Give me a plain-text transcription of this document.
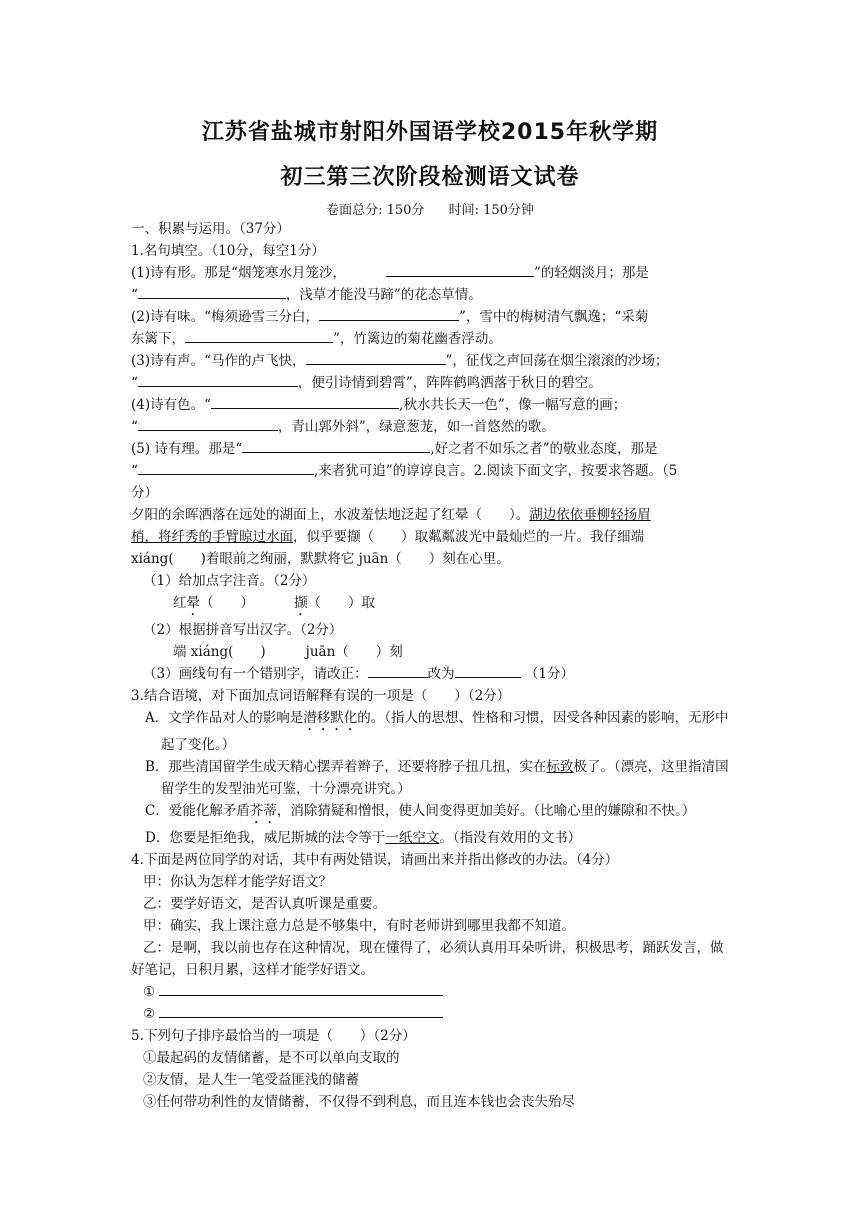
江苏省盐城市射阳外国语学校2015年秋学期
初三第三次阶段检测语文试卷
卷面总分: 150分 时间: 150分钟

一、积累与运用。（37分）

1.名句填空。（10分，每空1分）

(1)诗有形。那是“烟笼寒水月笼沙，	”的轻烟淡月；那是

“	，浅草才能没马蹄”的花态草情。

(2)诗有味。“梅须逊雪三分白，	”，雪中的梅树清气飘逸；“采菊

东篱下，	”，竹篱边的菊花幽香浮动。

(3)诗有声。“马作的卢飞快，	”，征伐之声回荡在烟尘滚滚的沙场；

“	，便引诗情到碧霄”，阵阵鹤鸣洒落于秋日的碧空。

(4)诗有色。“	,秋水共长天一色”，像一幅写意的画；

“	，青山郭外斜”，绿意葱茏，如一首悠然的歌。

(5) 诗有理。那是“	,好之者不如乐之者”的敬业态度，那是

“	,来者犹可追”的谆谆良言。2.阅读下面文字，按要求答题。（5

分）

夕阳的余晖洒落在远处的湖面上，水波羞怯地泛起了红晕（　　）。湖边依依垂柳轻扬眉

梢，将纤秀的手臂晾过水面，似乎要撷（　　）取粼粼波光中最灿烂的一片。我仔细端

xiáng(　　)着眼前之绚丽，默默将它 juān（　　）刻在心里。

（1）给加点字注音。（2分）

红晕（　　）	撷（　　）取

（2）根据拼音写出汉字。（2分）

端 xiáng(　　)	juān（　　）刻

（3）画线句有一个错别字，请改正：	改为	（1分）

3.结合语境，对下面加点词语解释有误的一项是（　　）（2分）

A．文学作品对人的影响是潜移默化的。（指人的思想、性格和习惯，因受各种因素的影响，无形中起了变化。）

B．那些清国留学生成天精心摆弄着辫子，还要将脖子扭几扭，实在标致极了。（漂亮，这里指清国留学生的发型油光可鉴，十分漂亮讲究。）

C．爱能化解矛盾芥蒂，消除猜疑和憎恨，使人间变得更加美好。（比喻心里的嫌隙和不快。）

D．您要是拒绝我，威尼斯城的法令等于一纸空文。（指没有效用的文书）

4.下面是两位同学的对话，其中有两处错误，请画出来并指出修改的办法。（4分）

甲：你认为怎样才能学好语文？

乙：要学好语文，是否认真听课是重要。

甲：确实，我上课注意力总是不够集中，有时老师讲到哪里我都不知道。

乙：是啊，我以前也存在这种情况，现在懂得了，必须认真用耳朵听讲，积极思考，踊跃发言，做好笔记，日积月累，这样才能学好语文。

①

②

5.下列句子排序最恰当的一项是（　　）（2分）

①最起码的友情储蓄，是不可以单向支取的

②友情，是人生一笔受益匪浅的储蓄

③任何带功利性的友情储蓄，不仅得不到利息，而且连本钱也会丧失殆尽
